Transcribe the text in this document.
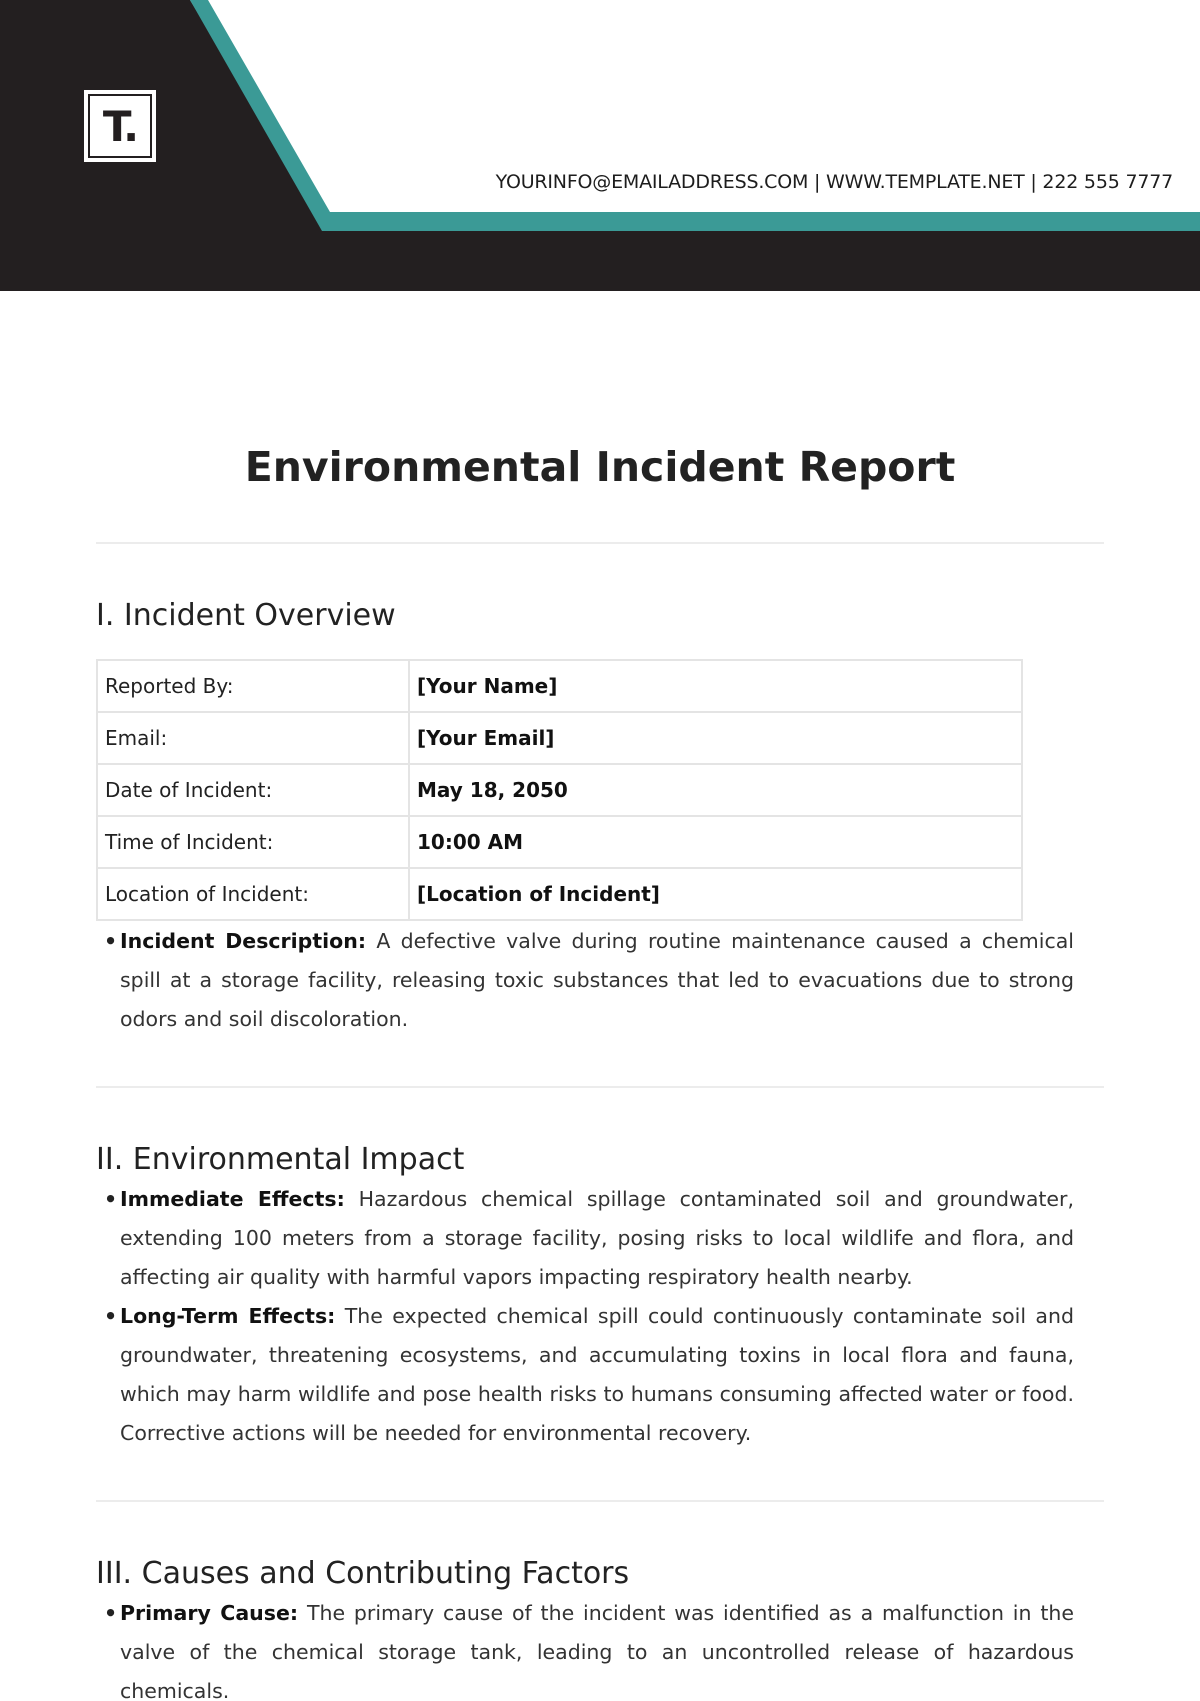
T.
YOURINFO@EMAILADDRESS.COM | WWW.TEMPLATE.NET | 222 555 7777
Environmental Incident Report
I. Incident Overview
Reported By:	[Your Name]
Email:	[Your Email]
Date of Incident:	May 18, 2050
Time of Incident:	10:00 AM
Location of Incident:	[Location of Incident]
• Incident Description: A defective valve during routine maintenance caused a chemical spill at a storage facility, releasing toxic substances that led to evacuations due to strong odors and soil discoloration.
II. Environmental Impact
• Immediate Effects: Hazardous chemical spillage contaminated soil and groundwater, extending 100 meters from a storage facility, posing risks to local wildlife and flora, and affecting air quality with harmful vapors impacting respiratory health nearby.
• Long-Term Effects: The expected chemical spill could continuously contaminate soil and groundwater, threatening ecosystems, and accumulating toxins in local flora and fauna, which may harm wildlife and pose health risks to humans consuming affected water or food. Corrective actions will be needed for environmental recovery.
III. Causes and Contributing Factors
• Primary Cause: The primary cause of the incident was identified as a malfunction in the valve of the chemical storage tank, leading to an uncontrolled release of hazardous chemicals.
